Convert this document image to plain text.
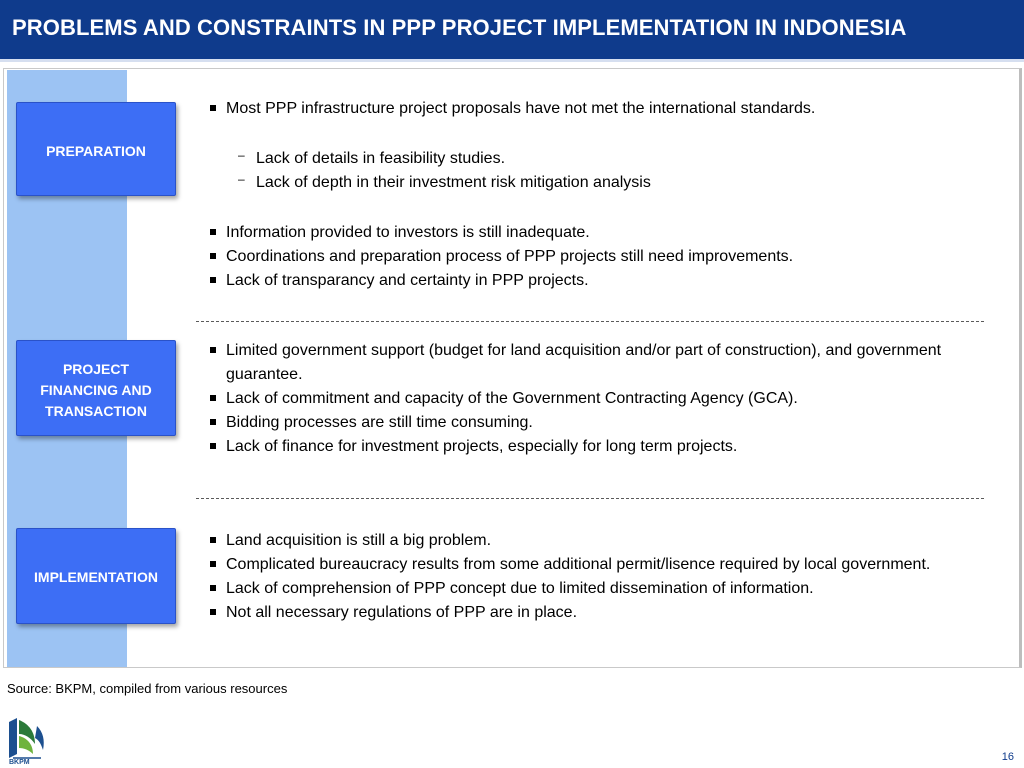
PROBLEMS AND CONSTRAINTS IN PPP PROJECT IMPLEMENTATION IN INDONESIA
PREPARATION
PROJECT
FINANCING AND
TRANSACTION
IMPLEMENTATION
Most PPP infrastructure project proposals have not met the international standards.
– Lack of details in feasibility studies.
– Lack of depth in their investment risk mitigation analysis
Information provided to investors is still inadequate.
Coordinations and preparation process of PPP projects still need improvements.
Lack of transparancy and certainty in PPP projects.
Limited government support (budget for land acquisition and/or part of construction), and government guarantee.
Lack of commitment and capacity of the Government Contracting Agency (GCA).
Bidding processes are still time consuming.
Lack of finance for investment projects, especially for long term projects.
Land acquisition is still a big problem.
Complicated bureaucracy results from some additional permit/lisence required by local government.
Lack of comprehension of PPP concept due to limited dissemination of information.
Not all necessary regulations of PPP are in place.
Source: BKPM, compiled from various resources
BKPM	16
